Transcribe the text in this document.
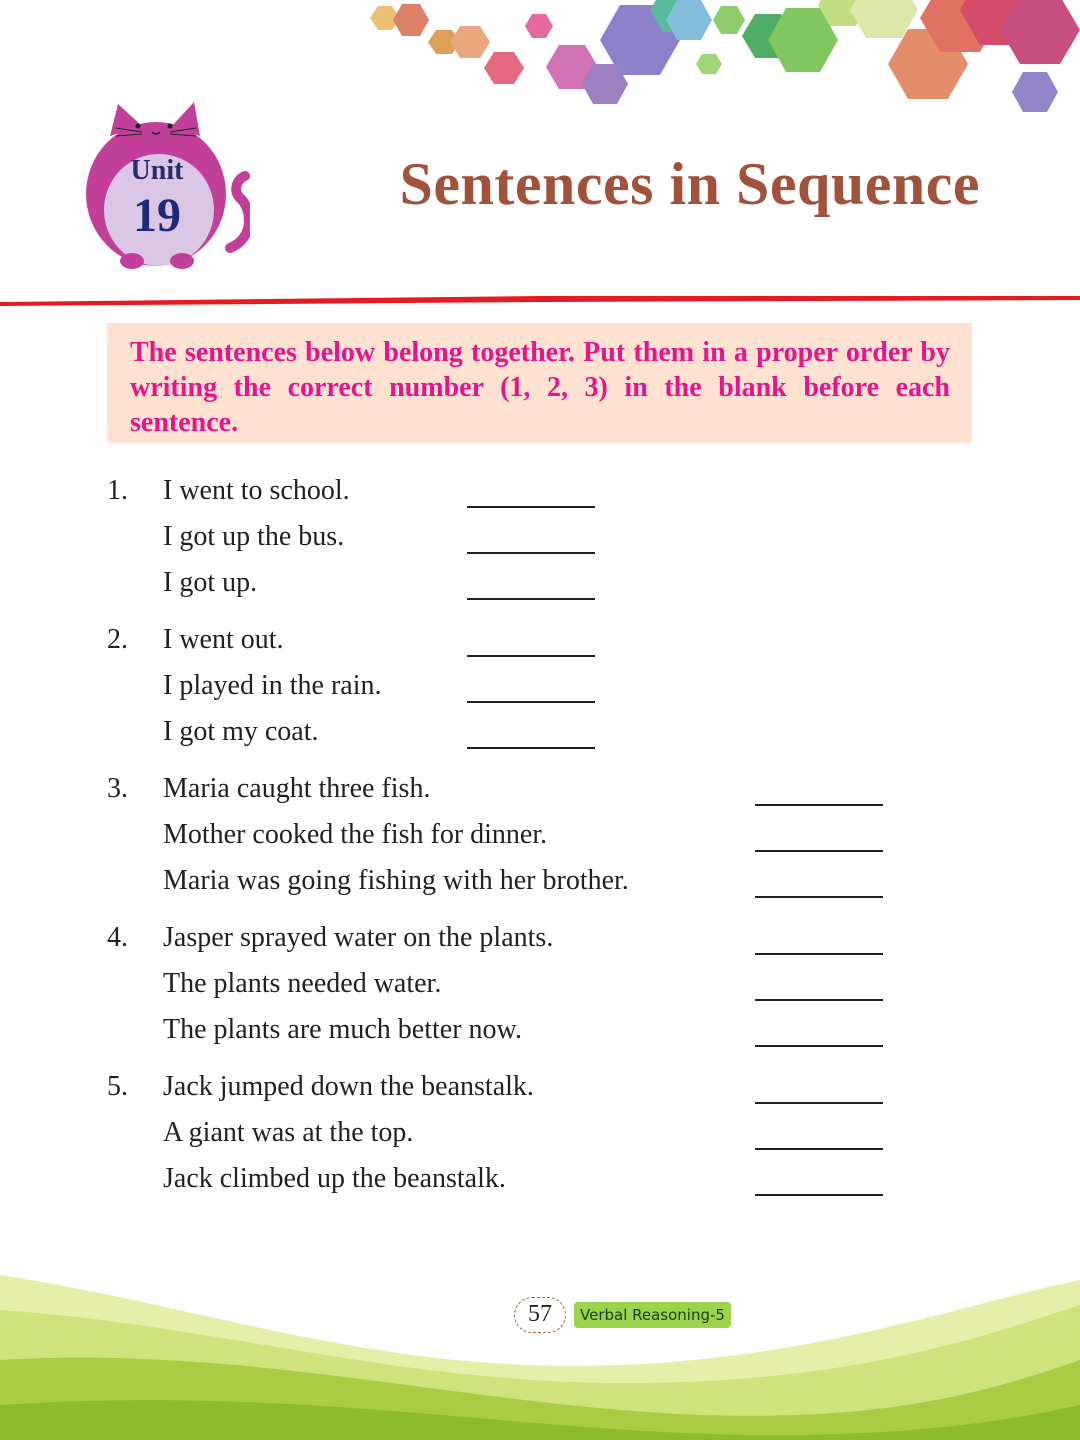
Unit
19	Sentences in Sequence

The sentences below belong together. Put them in a proper order by writing the correct number (1, 2, 3) in the blank before each sentence.

1. I went to school.
I got up the bus.
I got up.
2. I went out.
I played in the rain.
I got my coat.
3. Maria caught three fish.
Mother cooked the fish for dinner.
Maria was going fishing with her brother.
4. Jasper sprayed water on the plants.
The plants needed water.
The plants are much better now.
5. Jack jumped down the beanstalk.
A giant was at the top.
Jack climbed up the beanstalk.
57	Verbal Reasoning-5
